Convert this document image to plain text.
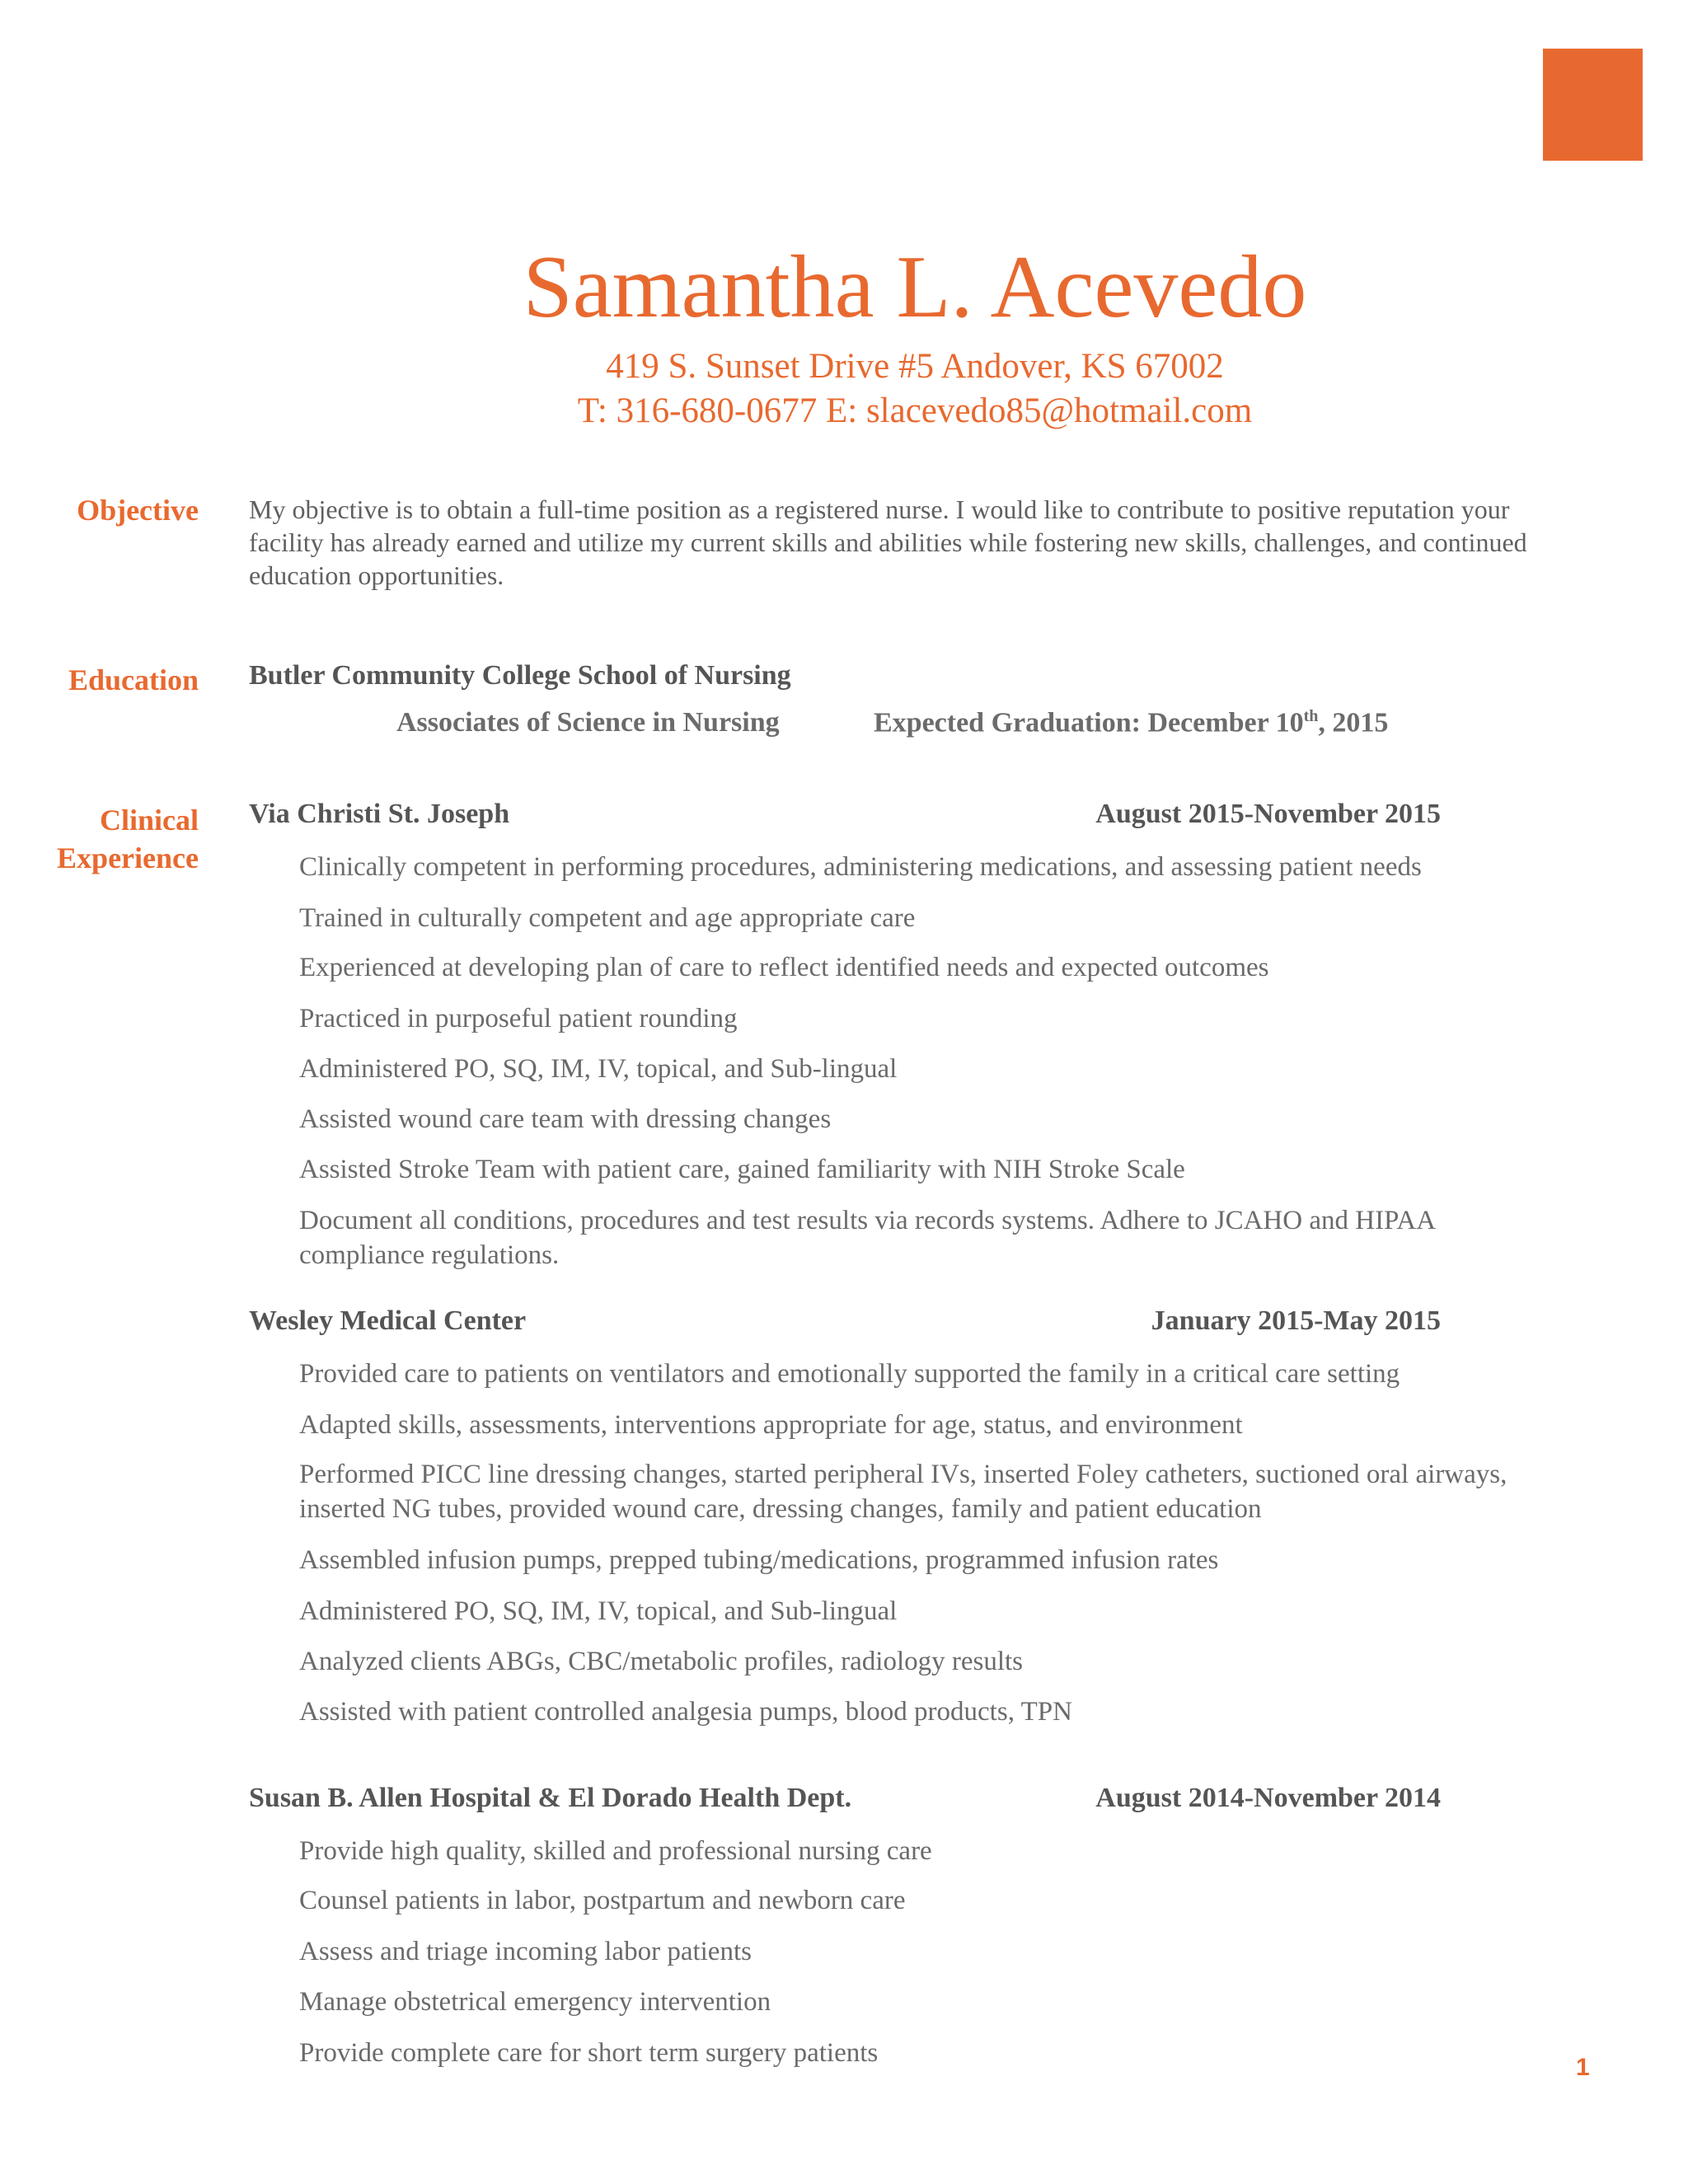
Samantha L. Acevedo
419 S. Sunset Drive #5 Andover, KS 67002
T: 316-680-0677 E: slacevedo85@hotmail.com
Objective My objective is to obtain a full-time position as a registered nurse. I would like to contribute to positive reputation your facility has already earned and utilize my current skills and abilities while fostering new skills, challenges, and continued education opportunities.

Education Butler Community College School of Nursing
Associates of Science in Nursing	Expected Graduation: December 10th, 2015
Clinical
Experience
Via Christi St. Joseph	August 2015-November 2015
Clinically competent in performing procedures, administering medications, and assessing patient needs
Trained in culturally competent and age appropriate care
Experienced at developing plan of care to reflect identified needs and expected outcomes
Practiced in purposeful patient rounding
Administered PO, SQ, IM, IV, topical, and Sub-lingual
Assisted wound care team with dressing changes
Assisted Stroke Team with patient care, gained familiarity with NIH Stroke Scale
Document all conditions, procedures and test results via records systems. Adhere to JCAHO and HIPAA compliance regulations.
Wesley Medical Center	January 2015-May 2015
Provided care to patients on ventilators and emotionally supported the family in a critical care setting
Adapted skills, assessments, interventions appropriate for age, status, and environment
Performed PICC line dressing changes, started peripheral IVs, inserted Foley catheters, suctioned oral airways, inserted NG tubes, provided wound care, dressing changes, family and patient education
Assembled infusion pumps, prepped tubing/medications, programmed infusion rates
Administered PO, SQ, IM, IV, topical, and Sub-lingual
Analyzed clients ABGs, CBC/metabolic profiles, radiology results
Assisted with patient controlled analgesia pumps, blood products, TPN
Susan B. Allen Hospital & El Dorado Health Dept.	August 2014-November 2014
Provide high quality, skilled and professional nursing care
Counsel patients in labor, postpartum and newborn care
Assess and triage incoming labor patients
Manage obstetrical emergency intervention
Provide complete care for short term surgery patients	1
